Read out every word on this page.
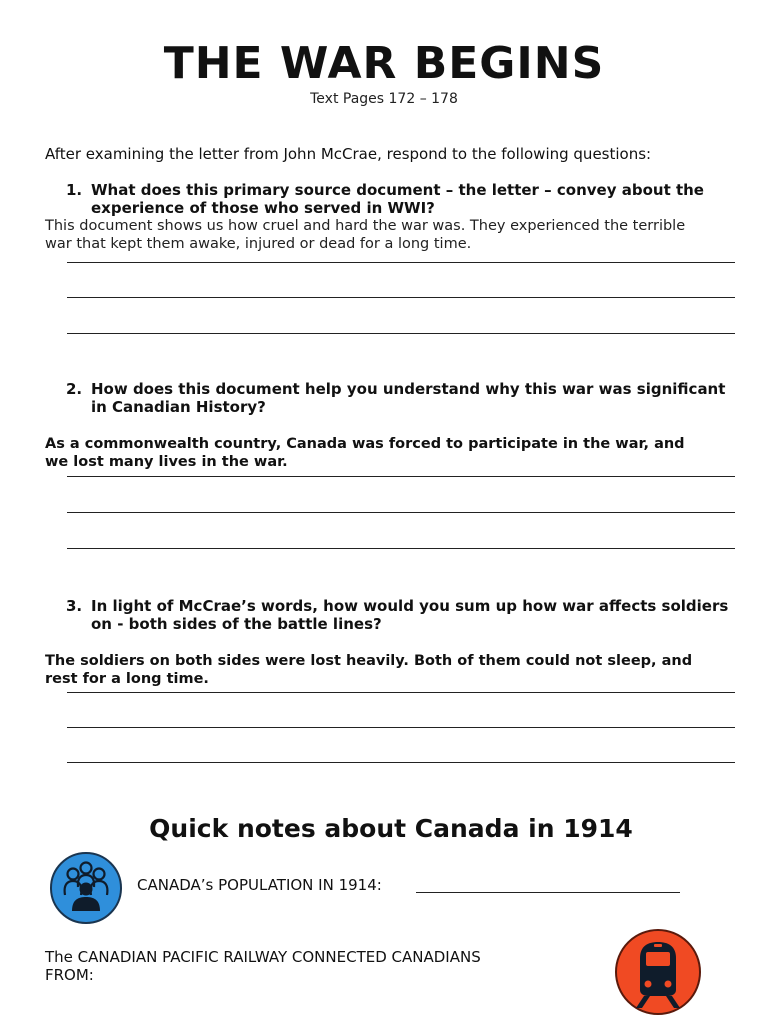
THE WAR BEGINS
Text Pages 172 – 178
After examining the letter from John McCrae, respond to the following questions:
1. What does this primary source document – the letter – convey about the
experience of those who served in WWI?
This document shows us how cruel and hard the war was. They experienced the terrible
war that kept them awake, injured or dead for a long time.
2. How does this document help you understand why this war was significant
in Canadian History?
As a commonwealth country, Canada was forced to participate in the war, and
we lost many lives in the war.
3. In light of McCrae’s words, how would you sum up how war affects soldiers
on - both sides of the battle lines?
The soldiers on both sides were lost heavily. Both of them could not sleep, and
rest for a long time.
Quick notes about Canada in 1914
CANADA’s POPULATION IN 1914:
The CANADIAN PACIFIC RAILWAY CONNECTED CANADIANS
FROM:
